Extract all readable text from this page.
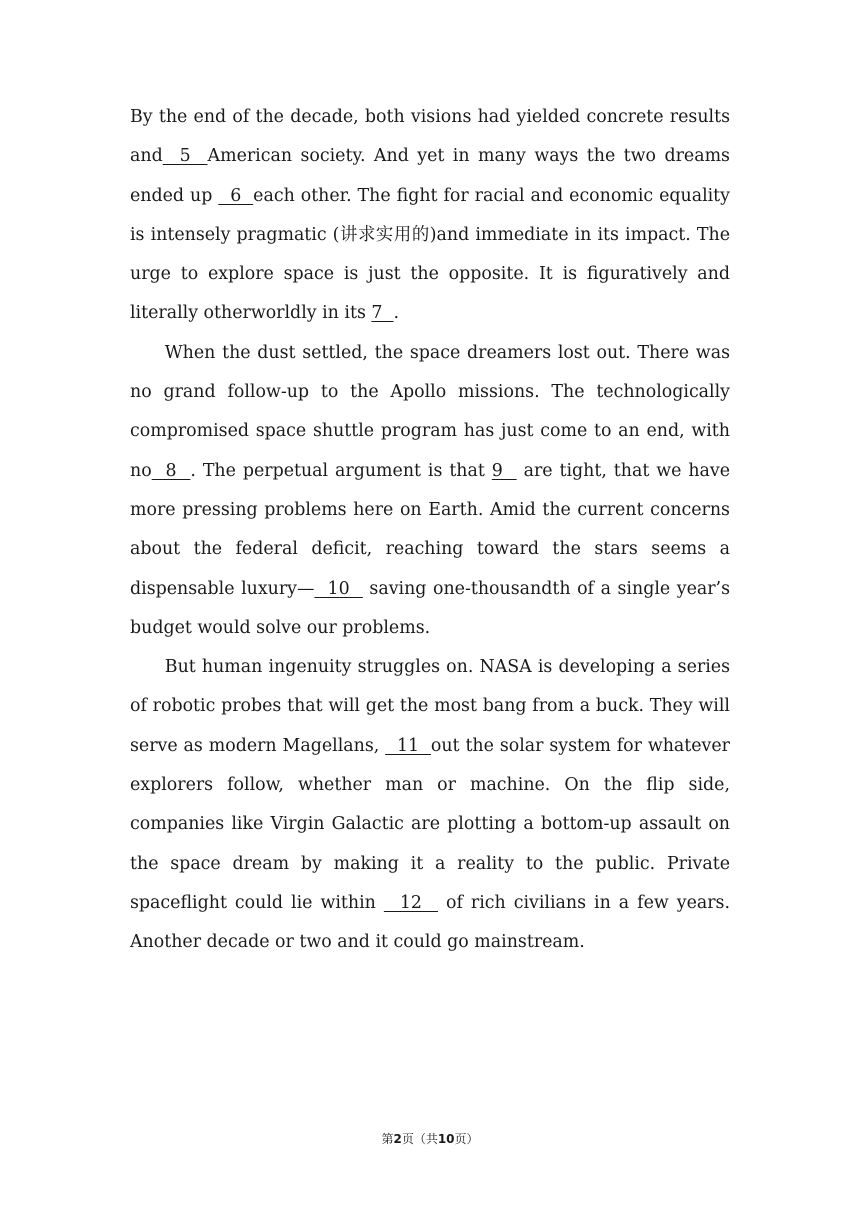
By the end of the decade, both visions had yielded concrete results and  5  American society. And yet in many ways the two dreams ended up   6  each other. The fight for racial and economic equality is intensely pragmatic (讲求实用的)and immediate in its impact. The urge to explore space is just the opposite. It is figuratively and literally otherworldly in its 7  .

When the dust settled, the space dreamers lost out. There was no grand follow-up to the Apollo missions. The technologically compromised space shuttle program has just come to an end, with no  8  . The perpetual argument is that 9   are tight, that we have more pressing problems here on Earth. Amid the current concerns about the federal deficit, reaching toward the stars seems a dispensable luxury—  10   saving one-thousandth of a single year’s budget would solve our problems.

But human ingenuity struggles on. NASA is developing a series of robotic probes that will get the most bang from a buck. They will serve as modern Magellans,   11  out the solar system for whatever explorers follow, whether man or machine. On the flip side, companies like Virgin Galactic are plotting a bottom-up assault on the space dream by making it a reality to the public. Private spaceflight could lie within   12   of rich civilians in a few years. Another decade or two and it could go mainstream.

第2页（共10页）
